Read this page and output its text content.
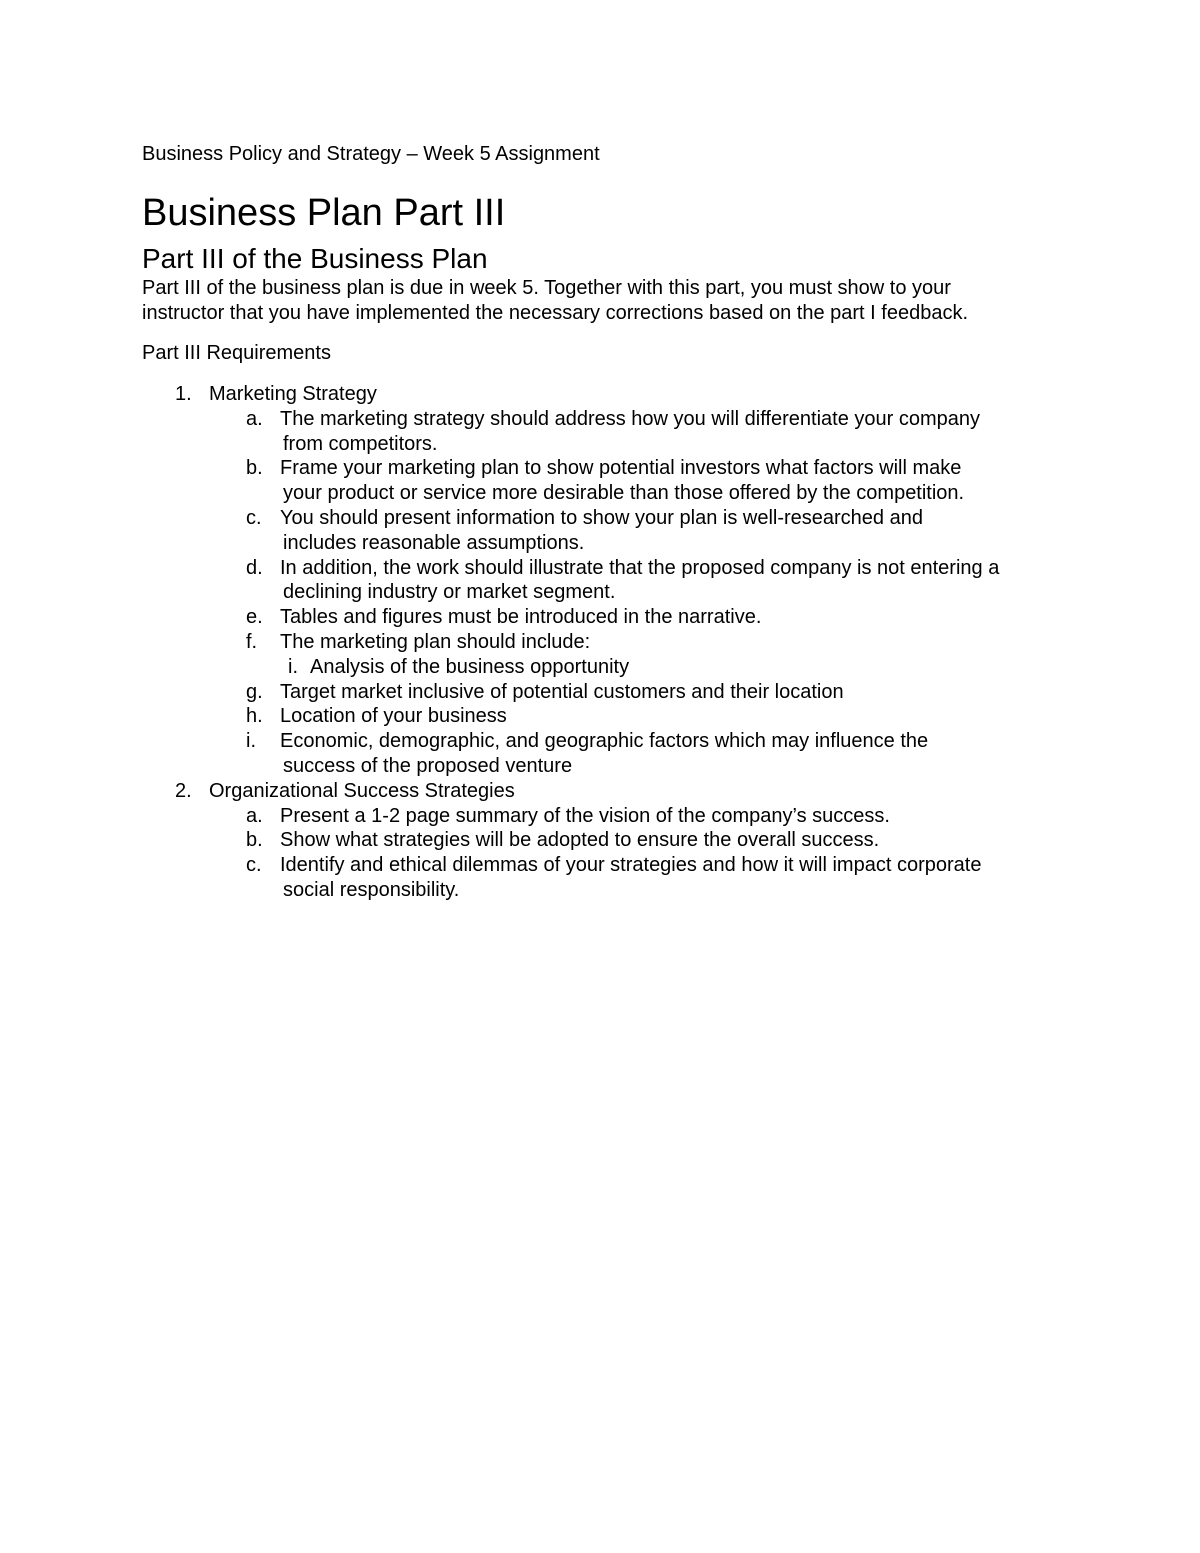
Business Policy and Strategy – Week 5 Assignment
Business Plan Part III
Part III of the Business Plan
Part III of the business plan is due in week 5. Together with this part, you must show to your
instructor that you have implemented the necessary corrections based on the part I feedback.
Part III Requirements
1. Marketing Strategy
a. The marketing strategy should address how you will differentiate your company
from competitors.
b. Frame your marketing plan to show potential investors what factors will make
your product or service more desirable than those offered by the competition.
c. You should present information to show your plan is well-researched and
includes reasonable assumptions.
d. In addition, the work should illustrate that the proposed company is not entering a
declining industry or market segment.
e. Tables and figures must be introduced in the narrative.
f. The marketing plan should include:
i. Analysis of the business opportunity
g. Target market inclusive of potential customers and their location
h. Location of your business
i. Economic, demographic, and geographic factors which may influence the
success of the proposed venture
2. Organizational Success Strategies
a. Present a 1-2 page summary of the vision of the company’s success.
b. Show what strategies will be adopted to ensure the overall success.
c. Identify and ethical dilemmas of your strategies and how it will impact corporate
social responsibility.
